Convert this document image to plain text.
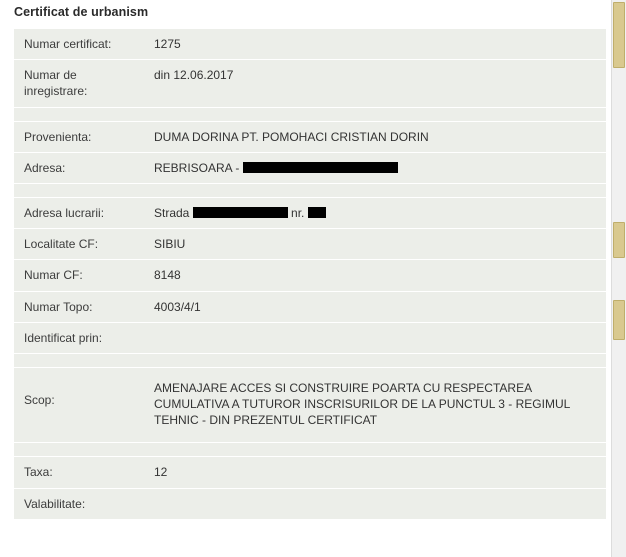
Certificat de urbanism
Numar certificat:	1275
Numar de inregistrare:	din 12.06.2017

Provenienta:	DUMA DORINA PT. POMOHACI CRISTIAN DORIN
Adresa:	REBRISOARA -

Adresa lucrarii:	Strada nr.
Localitate CF:	SIBIU
Numar CF:	8148
Numar Topo:	4003/4/1
Identificat prin:	

Scop:	AMENAJARE ACCES SI CONSTRUIRE POARTA CU RESPECTAREA CUMULATIVA A TUTUROR INSCRISURILOR DE LA PUNCTUL 3 - REGIMUL TEHNIC - DIN PREZENTUL CERTIFICAT

Taxa:	12
Valabilitate:	
